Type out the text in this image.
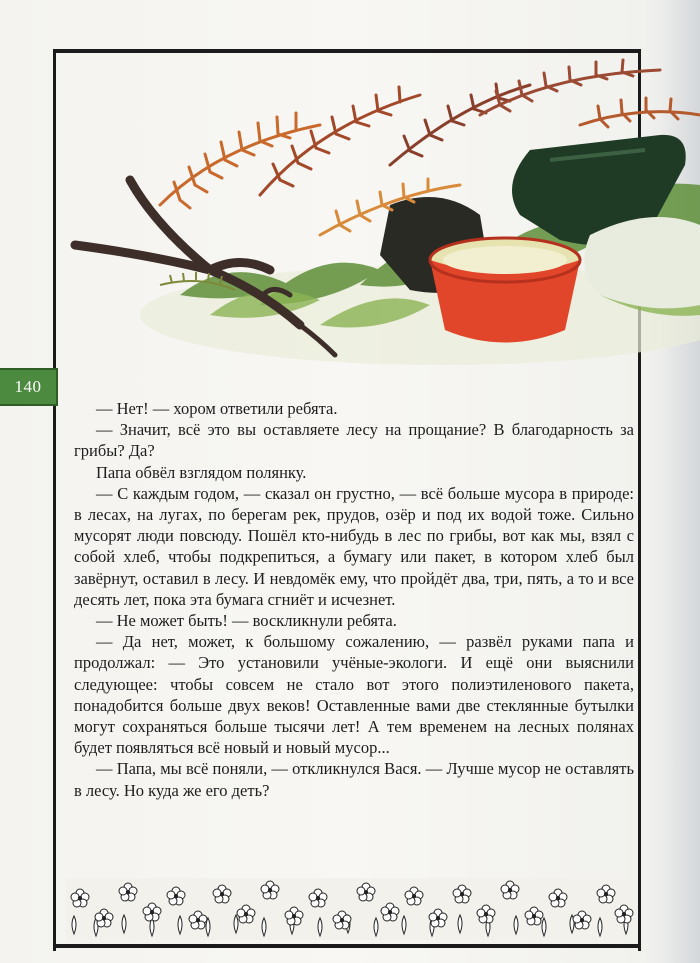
140

— Нет! — хором ответили ребята.

— Значит, всё это вы оставляете лесу на прощание? В благодарность за грибы? Да?

Папа обвёл взглядом полянку.

— С каждым годом, — сказал он грустно, — всё больше мусора в природе: в лесах, на лугах, по берегам рек, прудов, озёр и под их водой тоже. Сильно мусорят люди повсюду. Пошёл кто-нибудь в лес по грибы, вот как мы, взял с собой хлеб, чтобы подкрепиться, а бумагу или пакет, в котором хлеб был завёрнут, оставил в лесу. И невдомёк ему, что пройдёт два, три, пять, а то и все десять лет, пока эта бумага сгниёт и исчезнет.

— Не может быть! — воскликнули ребята.

— Да нет, может, к большому сожалению, — развёл руками папа и продолжал: — Это установили учёные-экологи. И ещё они выяснили следующее: чтобы совсем не стало вот этого полиэтиленового пакета, понадобится больше двух веков! Оставленные вами две стеклянные бутылки могут сохраняться больше тысячи лет! А тем временем на лесных полянах будет появляться всё новый и новый мусор...

— Папа, мы всё поняли, — откликнулся Вася. — Лучше мусор не оставлять в лесу. Но куда же его деть?
